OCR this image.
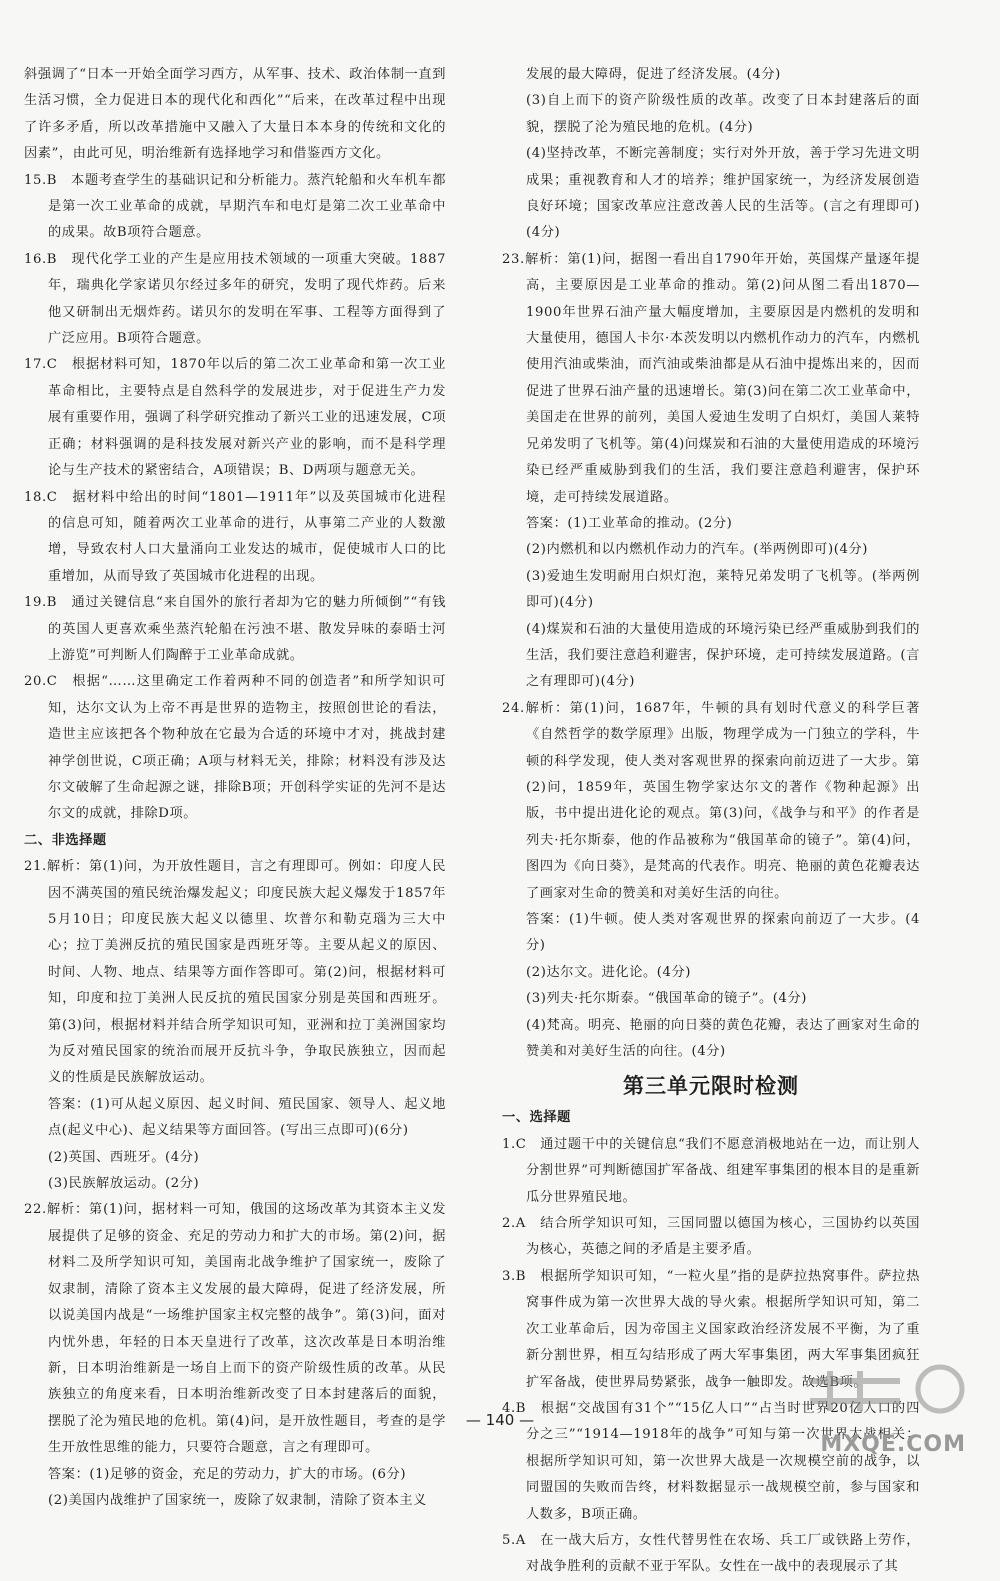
斜强调了“日本一开始全面学习西方，从军事、技术、政治体制一直到生活习惯，全力促进日本的现代化和西化”“后来，在改革过程中出现了许多矛盾，所以改革措施中又融入了大量日本本身的传统和文化的因素”，由此可见，明治维新有选择地学习和借鉴西方文化。

15.B　本题考查学生的基础识记和分析能力。蒸汽轮船和火车机车都是第一次工业革命的成就，早期汽车和电灯是第二次工业革命中的成果。故B项符合题意。

16.B　现代化学工业的产生是应用技术领域的一项重大突破。1887年，瑞典化学家诺贝尔经过多年的研究，发明了现代炸药。后来他又研制出无烟炸药。诺贝尔的发明在军事、工程等方面得到了广泛应用。B项符合题意。

17.C　根据材料可知，1870年以后的第二次工业革命和第一次工业革命相比，主要特点是自然科学的发展进步，对于促进生产力发展有重要作用，强调了科学研究推动了新兴工业的迅速发展，C项正确；材料强调的是科技发展对新兴产业的影响，而不是科学理论与生产技术的紧密结合，A项错误；B、D两项与题意无关。

18.C　据材料中给出的时间“1801—1911年”以及英国城市化进程的信息可知，随着两次工业革命的进行，从事第二产业的人数激增，导致农村人口大量涌向工业发达的城市，促使城市人口的比重增加，从而导致了英国城市化进程的出现。

19.B　通过关键信息“来自国外的旅行者却为它的魅力所倾倒”“有钱的英国人更喜欢乘坐蒸汽轮船在污浊不堪、散发异味的泰晤士河上游览”可判断人们陶醉于工业革命成就。

20.C　根据“……这里确定工作着两种不同的创造者”和所学知识可知，达尔文认为上帝不再是世界的造物主，按照创世论的看法，造世主应该把各个物种放在它最为合适的环境中才对，挑战封建神学创世说，C项正确；A项与材料无关，排除；材料没有涉及达尔文破解了生命起源之谜，排除B项；开创科学实证的先河不是达尔文的成就，排除D项。

二、非选择题

21.解析：第(1)问，为开放性题目，言之有理即可。例如：印度人民因不满英国的殖民统治爆发起义；印度民族大起义爆发于1857年5月10日；印度民族大起义以德里、坎普尔和勒克瑙为三大中心；拉丁美洲反抗的殖民国家是西班牙等。主要从起义的原因、时间、人物、地点、结果等方面作答即可。第(2)问，根据材料可知，印度和拉丁美洲人民反抗的殖民国家分别是英国和西班牙。第(3)问，根据材料并结合所学知识可知，亚洲和拉丁美洲国家均为反对殖民国家的统治而展开反抗斗争，争取民族独立，因而起义的性质是民族解放运动。

答案：(1)可从起义原因、起义时间、殖民国家、领导人、起义地点(起义中心)、起义结果等方面回答。(写出三点即可)(6分)

(2)英国、西班牙。(4分)

(3)民族解放运动。(2分)

22.解析：第(1)问，据材料一可知，俄国的这场改革为其资本主义发展提供了足够的资金、充足的劳动力和扩大的市场。第(2)问，据材料二及所学知识可知，美国南北战争维护了国家统一，废除了奴隶制，清除了资本主义发展的最大障碍，促进了经济发展，所以说美国内战是“一场维护国家主权完整的战争”。第(3)问，面对内忧外患，年轻的日本天皇进行了改革，这次改革是日本明治维新，日本明治维新是一场自上而下的资产阶级性质的改革。从民族独立的角度来看，日本明治维新改变了日本封建落后的面貌，摆脱了沦为殖民地的危机。第(4)问，是开放性题目，考查的是学生开放性思维的能力，只要符合题意，言之有理即可。

答案：(1)足够的资金，充足的劳动力，扩大的市场。(6分)

(2)美国内战维护了国家统一，废除了奴隶制，清除了资本主义

发展的最大障碍，促进了经济发展。(4分)

(3)自上而下的资产阶级性质的改革。改变了日本封建落后的面貌，摆脱了沦为殖民地的危机。(4分)

(4)坚持改革，不断完善制度；实行对外开放，善于学习先进文明成果；重视教育和人才的培养；维护国家统一，为经济发展创造良好环境；国家改革应注意改善人民的生活等。(言之有理即可)(4分)

23.解析：第(1)问，据图一看出自1790年开始，英国煤产量逐年提高，主要原因是工业革命的推动。第(2)问从图二看出1870—1900年世界石油产量大幅度增加，主要原因是内燃机的发明和大量使用，德国人卡尔·本茨发明以内燃机作动力的汽车，内燃机使用汽油或柴油，而汽油或柴油都是从石油中提炼出来的，因而促进了世界石油产量的迅速增长。第(3)问在第二次工业革命中，美国走在世界的前列，美国人爱迪生发明了白炽灯，美国人莱特兄弟发明了飞机等。第(4)问煤炭和石油的大量使用造成的环境污染已经严重威胁到我们的生活，我们要注意趋利避害，保护环境，走可持续发展道路。

答案：(1)工业革命的推动。(2分)

(2)内燃机和以内燃机作动力的汽车。(举两例即可)(4分)

(3)爱迪生发明耐用白炽灯泡，莱特兄弟发明了飞机等。(举两例即可)(4分)

(4)煤炭和石油的大量使用造成的环境污染已经严重威胁到我们的生活，我们要注意趋利避害，保护环境，走可持续发展道路。(言之有理即可)(4分)

24.解析：第(1)问，1687年，牛顿的具有划时代意义的科学巨著《自然哲学的数学原理》出版，物理学成为一门独立的学科，牛顿的科学发现，使人类对客观世界的探索向前迈进了一大步。第(2)问，1859年，英国生物学家达尔文的著作《物种起源》出版，书中提出进化论的观点。第(3)问，《战争与和平》的作者是列夫·托尔斯泰，他的作品被称为“俄国革命的镜子”。第(4)问，图四为《向日葵》，是梵高的代表作。明亮、艳丽的黄色花瓣表达了画家对生命的赞美和对美好生活的向往。

答案：(1)牛顿。使人类对客观世界的探索向前迈了一大步。(4分)

(2)达尔文。进化论。(4分)

(3)列夫·托尔斯泰。“俄国革命的镜子”。(4分)

(4)梵高。明亮、艳丽的向日葵的黄色花瓣，表达了画家对生命的赞美和对美好生活的向往。(4分)

第三单元限时检测

一、选择题

1.C　通过题干中的关键信息“我们不愿意消极地站在一边，而让别人分割世界”可判断德国扩军备战、组建军事集团的根本目的是重新瓜分世界殖民地。

2.A　结合所学知识可知，三国同盟以德国为核心，三国协约以英国为核心，英德之间的矛盾是主要矛盾。

3.B　根据所学知识可知，“一粒火星”指的是萨拉热窝事件。萨拉热窝事件成为第一次世界大战的导火索。根据所学知识可知，第二次工业革命后，因为帝国主义国家政治经济发展不平衡，为了重新分割世界，相互勾结形成了两大军事集团，两大军事集团疯狂扩军备战，使世界局势紧张，战争一触即发。故选B项。

4.B　根据“交战国有31个”“15亿人口”“占当时世界20亿人口的四分之三”“1914—1918年的战争”可知与第一次世界大战相关；根据所学知识可知，第一次世界大战是一次规模空前的战争，以同盟国的失败而告终，材料数据显示一战规模空前，参与国家和人数多，B项正确。

5.A　在一战大后方，女性代替男性在农场、兵工厂或铁路上劳作，对战争胜利的贡献不亚于军队。女性在一战中的表现展示了其

— 140 —
MXQE.COM
